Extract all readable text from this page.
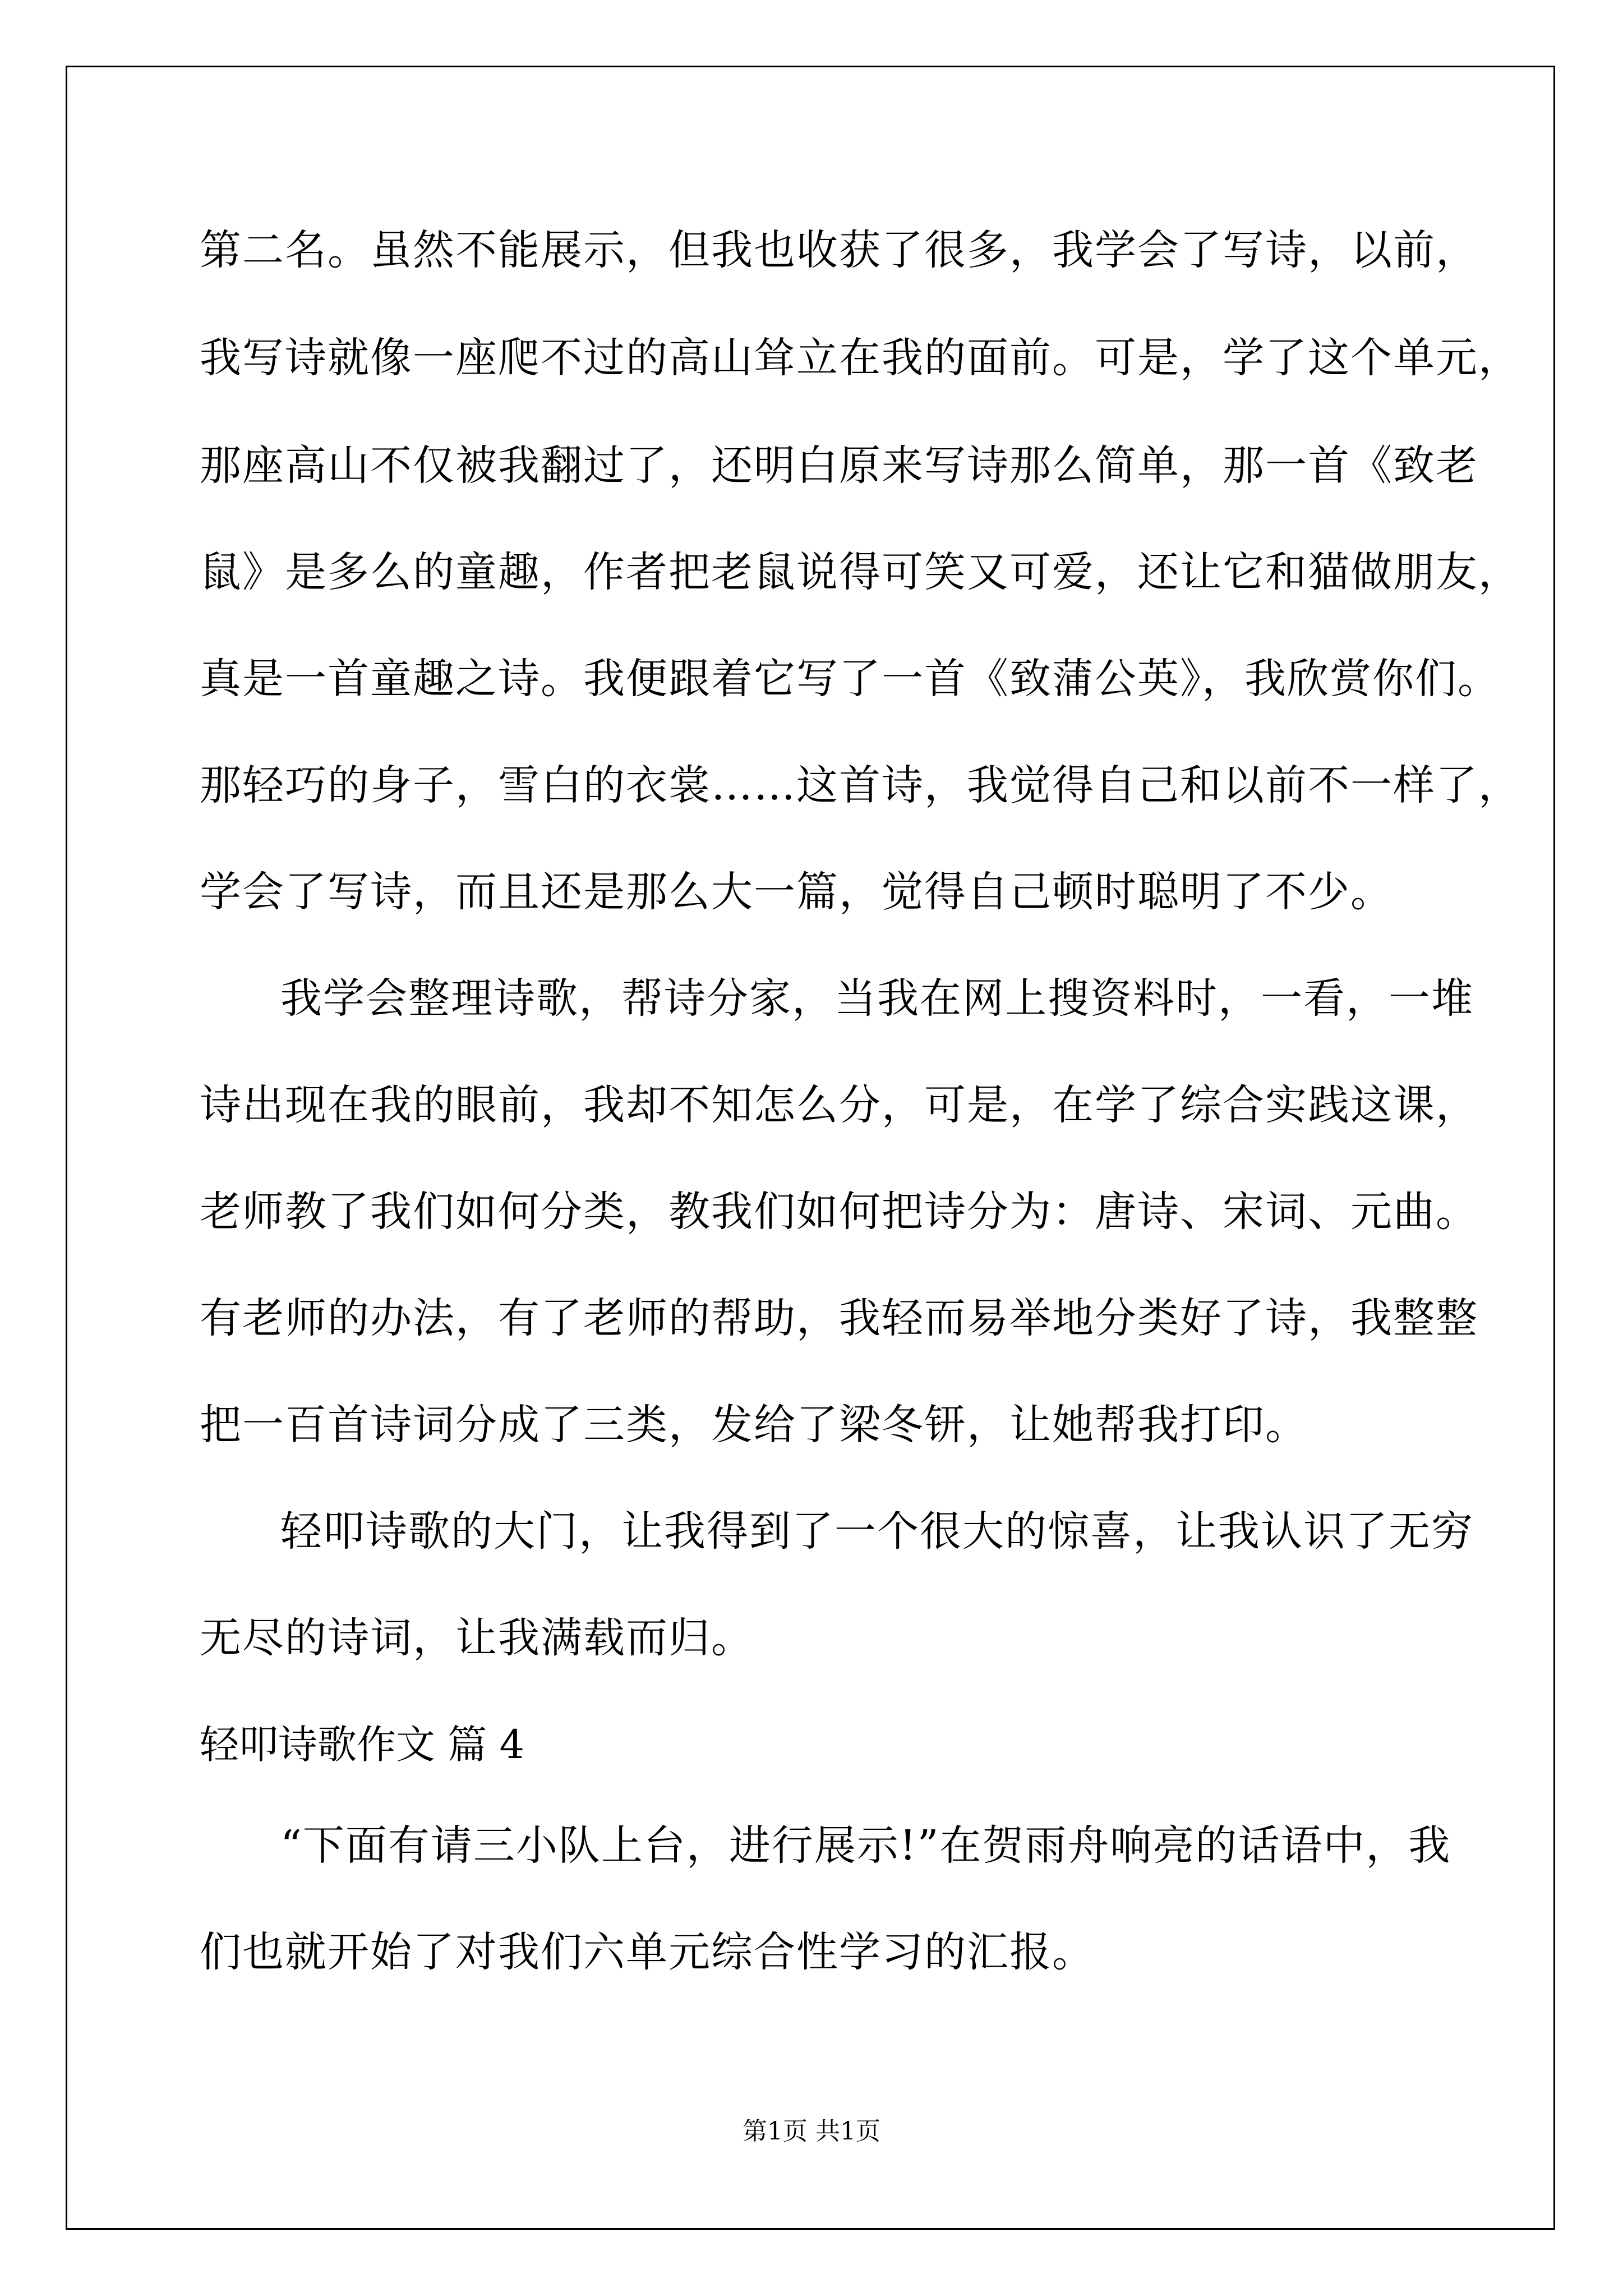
第二名。虽然不能展示，但我也收获了很多，我学会了写诗，以前，
我写诗就像一座爬不过的高山耸立在我的面前。可是，学了这个单元，
那座高山不仅被我翻过了，还明白原来写诗那么简单，那一首《致老
鼠》是多么的童趣，作者把老鼠说得可笑又可爱，还让它和猫做朋友，
真是一首童趣之诗。我便跟着它写了一首《致蒲公英》，我欣赏你们。
那轻巧的身子，雪白的衣裳……这首诗，我觉得自己和以前不一样了，
学会了写诗，而且还是那么大一篇，觉得自己顿时聪明了不少。
我学会整理诗歌，帮诗分家，当我在网上搜资料时，一看，一堆
诗出现在我的眼前，我却不知怎么分，可是，在学了综合实践这课，
老师教了我们如何分类，教我们如何把诗分为：唐诗、宋词、元曲。
有老师的办法，有了老师的帮助，我轻而易举地分类好了诗，我整整
把一百首诗词分成了三类，发给了梁冬钘，让她帮我打印。
轻叩诗歌的大门，让我得到了一个很大的惊喜，让我认识了无穷
无尽的诗词，让我满载而归。
轻叩诗歌作文 篇 4
“下面有请三小队上台，进行展示!”在贺雨舟响亮的话语中，我
们也就开始了对我们六单元综合性学习的汇报。
第1页 共1页
